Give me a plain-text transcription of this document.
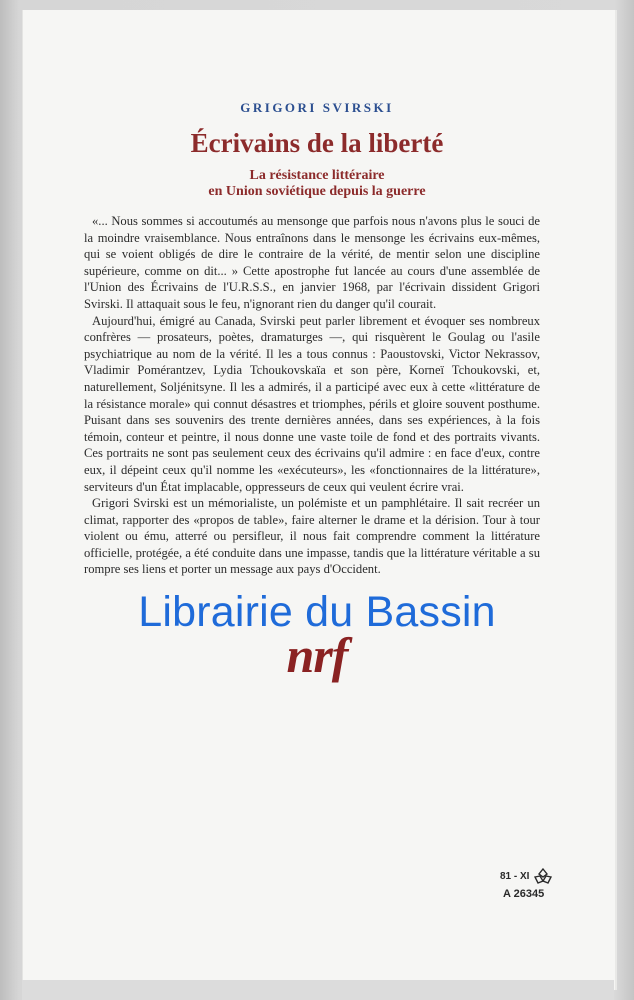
GRIGORI SVIRSKI
Écrivains de la liberté
La résistance littéraire
en Union soviétique depuis la guerre

«... Nous sommes si accoutumés au mensonge que parfois nous n'avons plus le souci de la moindre vraisemblance. Nous entraînons dans le mensonge les écrivains eux-mêmes, qui se voient obligés de dire le contraire de la vérité, de mentir selon une discipline supérieure, comme on dit... » Cette apostrophe fut lancée au cours d'une assemblée de l'Union des Écrivains de l'U.R.S.S., en janvier 1968, par l'écrivain dissident Grigori Svirski. Il attaquait sous le feu, n'ignorant rien du danger qu'il courait.

Aujourd'hui, émigré au Canada, Svirski peut parler librement et évoquer ses nombreux confrères — prosateurs, poètes, dramaturges —, qui risquèrent le Goulag ou l'asile psychiatrique au nom de la vérité. Il les a tous connus : Paoustovski, Victor Nekrassov, Vladimir Pomérantzev, Lydia Tchoukovskaïa et son père, Korneï Tchoukovski, et, naturellement, Soljénitsyne. Il les a admirés, il a participé avec eux à cette «littérature de la résistance morale» qui connut désastres et triomphes, périls et gloire souvent posthume. Puisant dans ses souvenirs des trente dernières années, dans ses expériences, à la fois témoin, conteur et peintre, il nous donne une vaste toile de fond et des portraits vivants. Ces portraits ne sont pas seulement ceux des écrivains qu'il admire : en face d'eux, contre eux, il dépeint ceux qu'il nomme les «exécuteurs», les «fonctionnaires de la littérature», serviteurs d'un État implacable, oppresseurs de ceux qui veulent écrire vrai.

Grigori Svirski est un mémorialiste, un polémiste et un pamphlétaire. Il sait recréer un climat, rapporter des «propos de table», faire alterner le drame et la dérision. Tour à tour violent ou ému, atterré ou persifleur, il nous fait comprendre comment la littérature officielle, protégée, a été conduite dans une impasse, tandis que la littérature véritable a su rompre ses liens et porter un message aux pays d'Occident.

Librairie du Bassin
nrf
81 - XI
A 26345
